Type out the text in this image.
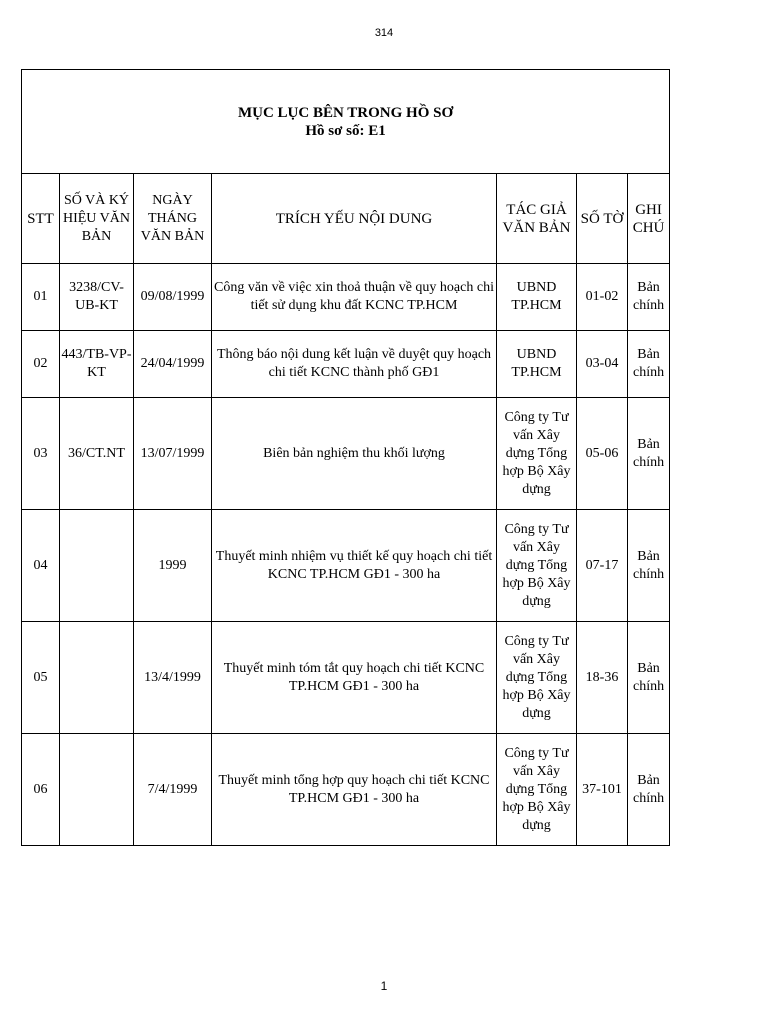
314
MỤC LỤC BÊN TRONG HỒ SƠ
Hồ sơ số: E1						

STT	SỐ VÀ KÝ HIỆU VĂN BẢN	NGÀY THÁNG VĂN BẢN	TRÍCH YẾU NỘI DUNG	TÁC GIẢ VĂN BẢN	SỐ TỜ	GHI CHÚ
01	3238/CV-UB-KT	09/08/1999	Công văn về việc xin thoả thuận về quy hoạch chi tiết sử dụng khu đất KCNC TP.HCM	UBND TP.HCM	01-02	Bản chính
02	443/TB-VP-KT	24/04/1999	Thông báo nội dung kết luận về duyệt quy hoạch chi tiết KCNC thành phố GĐ1	UBND TP.HCM	03-04	Bản chính
03	36/CT.NT	13/07/1999	Biên bản nghiệm thu khối lượng	Công ty Tư vấn Xây dựng Tổng hợp Bộ Xây dựng	05-06	Bản chính
04		1999	Thuyết minh nhiệm vụ thiết kế quy hoạch chi tiết KCNC TP.HCM GĐ1 - 300 ha	Công ty Tư vấn Xây dựng Tổng hợp Bộ Xây dựng	07-17	Bản chính
05		13/4/1999	Thuyết minh tóm tắt quy hoạch chi tiết KCNC TP.HCM GĐ1 - 300 ha	Công ty Tư vấn Xây dựng Tổng hợp Bộ Xây dựng	18-36	Bản chính
06		7/4/1999	Thuyết minh tổng hợp quy hoạch chi tiết KCNC TP.HCM GĐ1 - 300 ha	Công ty Tư vấn Xây dựng Tổng hợp Bộ Xây dựng	37-101	Bản chính
1
